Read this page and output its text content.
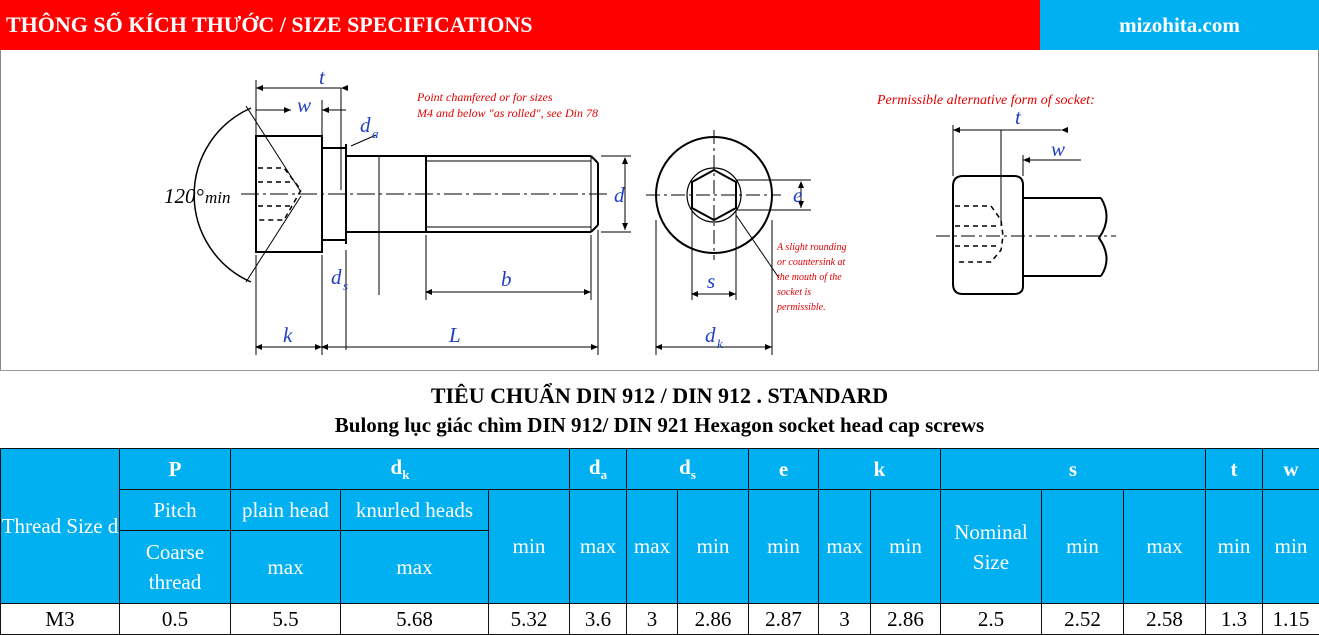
THÔNG SỐ KÍCH THƯỚC / SIZE SPECIFICATIONS	mizohita.com
t
w
d a
d
d s	b
k	L
e
s
d k
t
w
120° min
Point chamfered or for sizes
M4 and below "as rolled", see Din 78
Permissible alternative form of socket:
A slight rounding
or countersink at
the mouth of the
socket is
permissible.
TIÊU CHUẨN DIN 912 / DIN 912 . STANDARD
Bulong lục giác chìm DIN 912/ DIN 921 Hexagon socket head cap screws
Thread Size d	P	$d_k$			$d_a$	$d_s$		e	k		s			t	w
	Pitch	plain head	knurled heads	min	max	max	min	min	max	min	Nominal Size	min	max	min	min
	Coarse thread	max	max												
M3	0.5	5.5	5.68	5.32	3.6	3	2.86	2.87	3	2.86	2.5	2.52	2.58	1.3	1.15
